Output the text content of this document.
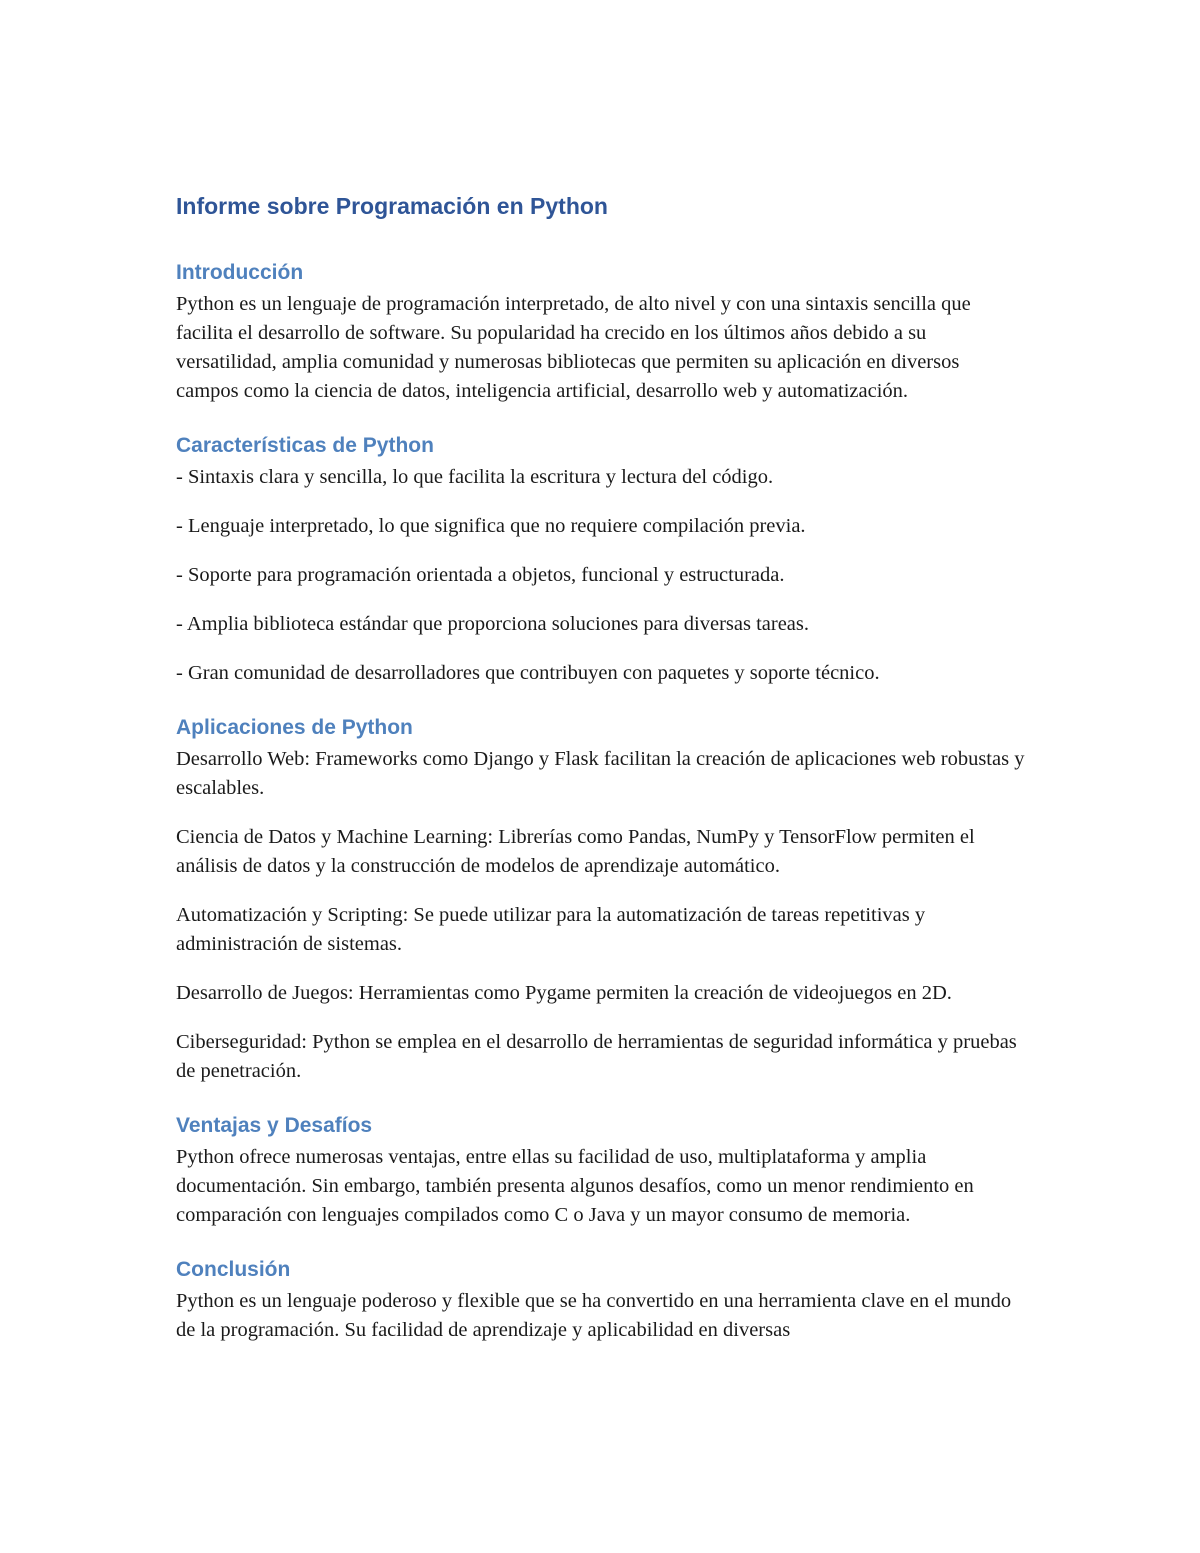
Informe sobre Programación en Python
Introducción

Python es un lenguaje de programación interpretado, de alto nivel y con una sintaxis sencilla que facilita el desarrollo de software. Su popularidad ha crecido en los últimos años debido a su versatilidad, amplia comunidad y numerosas bibliotecas que permiten su aplicación en diversos campos como la ciencia de datos, inteligencia artificial, desarrollo web y automatización.

Características de Python

- Sintaxis clara y sencilla, lo que facilita la escritura y lectura del código.

- Lenguaje interpretado, lo que significa que no requiere compilación previa.

- Soporte para programación orientada a objetos, funcional y estructurada.

- Amplia biblioteca estándar que proporciona soluciones para diversas tareas.

- Gran comunidad de desarrolladores que contribuyen con paquetes y soporte técnico.

Aplicaciones de Python

Desarrollo Web: Frameworks como Django y Flask facilitan la creación de aplicaciones web robustas y escalables.

Ciencia de Datos y Machine Learning: Librerías como Pandas, NumPy y TensorFlow permiten el análisis de datos y la construcción de modelos de aprendizaje automático.

Automatización y Scripting: Se puede utilizar para la automatización de tareas repetitivas y administración de sistemas.

Desarrollo de Juegos: Herramientas como Pygame permiten la creación de videojuegos en 2D.

Ciberseguridad: Python se emplea en el desarrollo de herramientas de seguridad informática y pruebas de penetración.

Ventajas y Desafíos

Python ofrece numerosas ventajas, entre ellas su facilidad de uso, multiplataforma y amplia documentación. Sin embargo, también presenta algunos desafíos, como un menor rendimiento en comparación con lenguajes compilados como C o Java y un mayor consumo de memoria.

Conclusión

Python es un lenguaje poderoso y flexible que se ha convertido en una herramienta clave en el mundo de la programación. Su facilidad de aprendizaje y aplicabilidad en diversas
